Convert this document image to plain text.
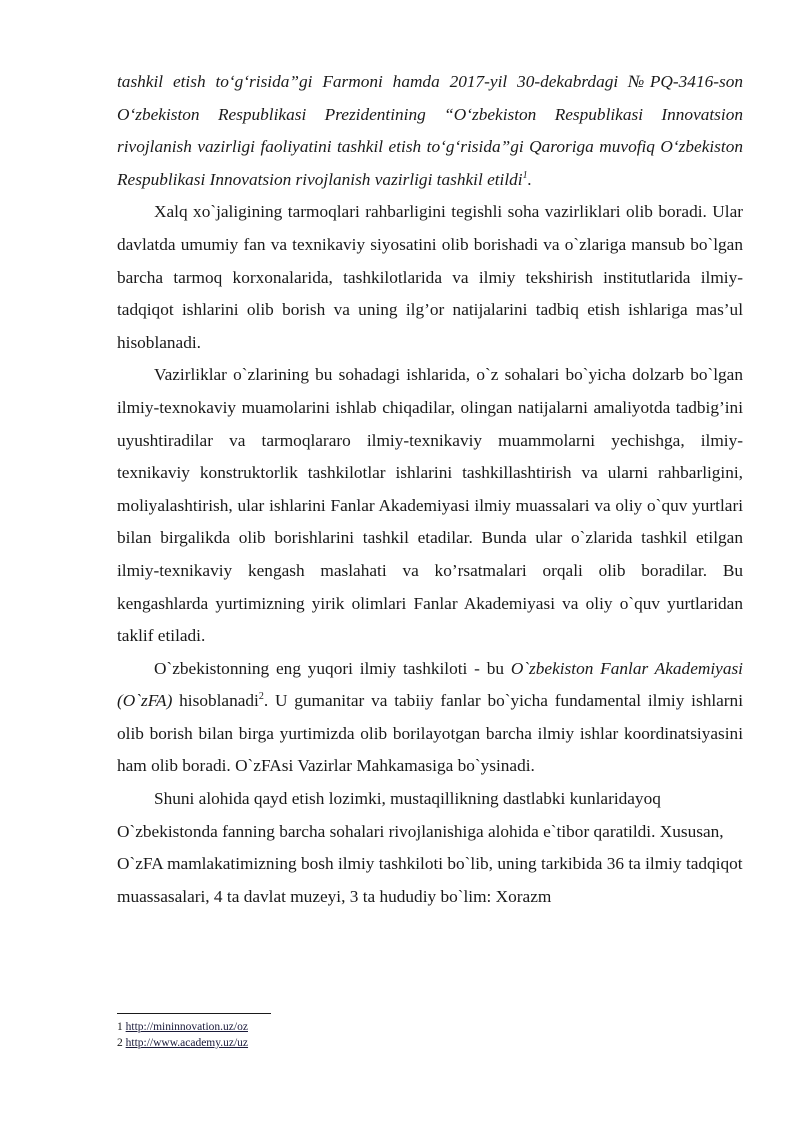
tashkil etish to‘g‘risida”gi Farmoni hamda 2017-yil 30-dekabrdagi №PQ-3416-son O‘zbekiston Respublikasi Prezidentining “O‘zbekiston Respublikasi Innovatsion rivojlanish vazirligi faoliyatini tashkil etish to‘g‘risida”gi Qaroriga muvofiq O‘zbekiston Respublikasi Innovatsion rivojlanish vazirligi tashkil etildi$^1$.

Xalq xo`jaligining tarmoqlari rahbarligini tegishli soha vazirliklari olib boradi. Ular davlatda umumiy fan va texnikaviy siyosatini olib borishadi va o`zlariga mansub bo`lgan barcha tarmoq korxonalarida, tashkilotlarida va ilmiy tekshirish institutlarida ilmiy-tadqiqot ishlarini olib borish va uning ilg’or natijalarini tadbiq etish ishlariga mas’ul hisoblanadi.

Vazirliklar o`zlarining bu sohadagi ishlarida, o`z sohalari bo`yicha dolzarb bo`lgan ilmiy-texnokaviy muamolarini ishlab chiqadilar, olingan natijalarni amaliyotda tadbig’ini uyushtiradilar va tarmoqlararo ilmiy-texnikaviy muammolarni yechishga, ilmiy-texnikaviy konstruktorlik tashkilotlar ishlarini tashkillashtirish va ularni rahbarligini, moliyalashtirish, ular ishlarini Fanlar Akademiyasi ilmiy muassalari va oliy o`quv yurtlari bilan birgalikda olib borishlarini tashkil etadilar. Bunda ular o`zlarida tashkil etilgan ilmiy-texnikaviy kengash maslahati va ko’rsatmalari orqali olib boradilar. Bu kengashlarda yurtimizning yirik olimlari Fanlar Akademiyasi va oliy o`quv yurtlaridan taklif etiladi.

O`zbekistonning eng yuqori ilmiy tashkiloti - bu O`zbekiston Fanlar Akademiyasi (O`zFA) hisoblanadi$^2$. U gumanitar va tabiiy fanlar bo`yicha fundamental ilmiy ishlarni olib borish bilan birga yurtimizda olib borilayotgan barcha ilmiy ishlar koordinatsiyasini ham olib boradi. O`zFAsi Vazirlar Mahkamasiga bo`ysinadi.

Shuni alohida qayd etish lozimki, mustaqillikning dastlabki kunlaridayoq O`zbekistonda fanning barcha sohalari rivojlanishiga alohida e`tibor qaratildi. Xususan, O`zFA mamlakatimizning bosh ilmiy tashkiloti bo`lib, uning tarkibida 36 ta ilmiy tadqiqot muassasalari, 4 ta davlat muzeyi, 3 ta hududiy bo`lim: Xorazm

1 http://mininnovation.uz/oz
2 http://www.academy.uz/uz
